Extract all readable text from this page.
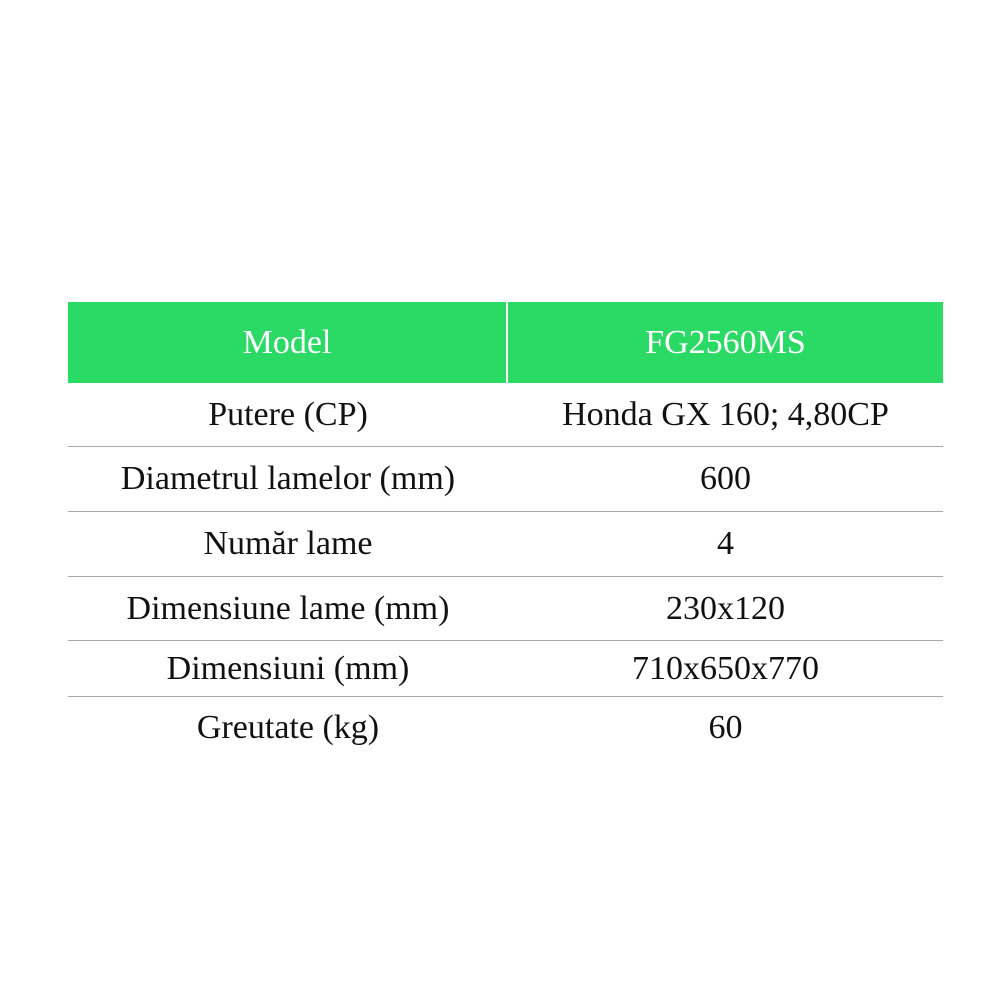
Model	FG2560MS
Putere (CP)	Honda GX 160; 4,80CP
Diametrul lamelor (mm)	600
Număr lame	4
Dimensiune lame (mm)	230x120
Dimensiuni (mm)	710x650x770
Greutate (kg)	60
